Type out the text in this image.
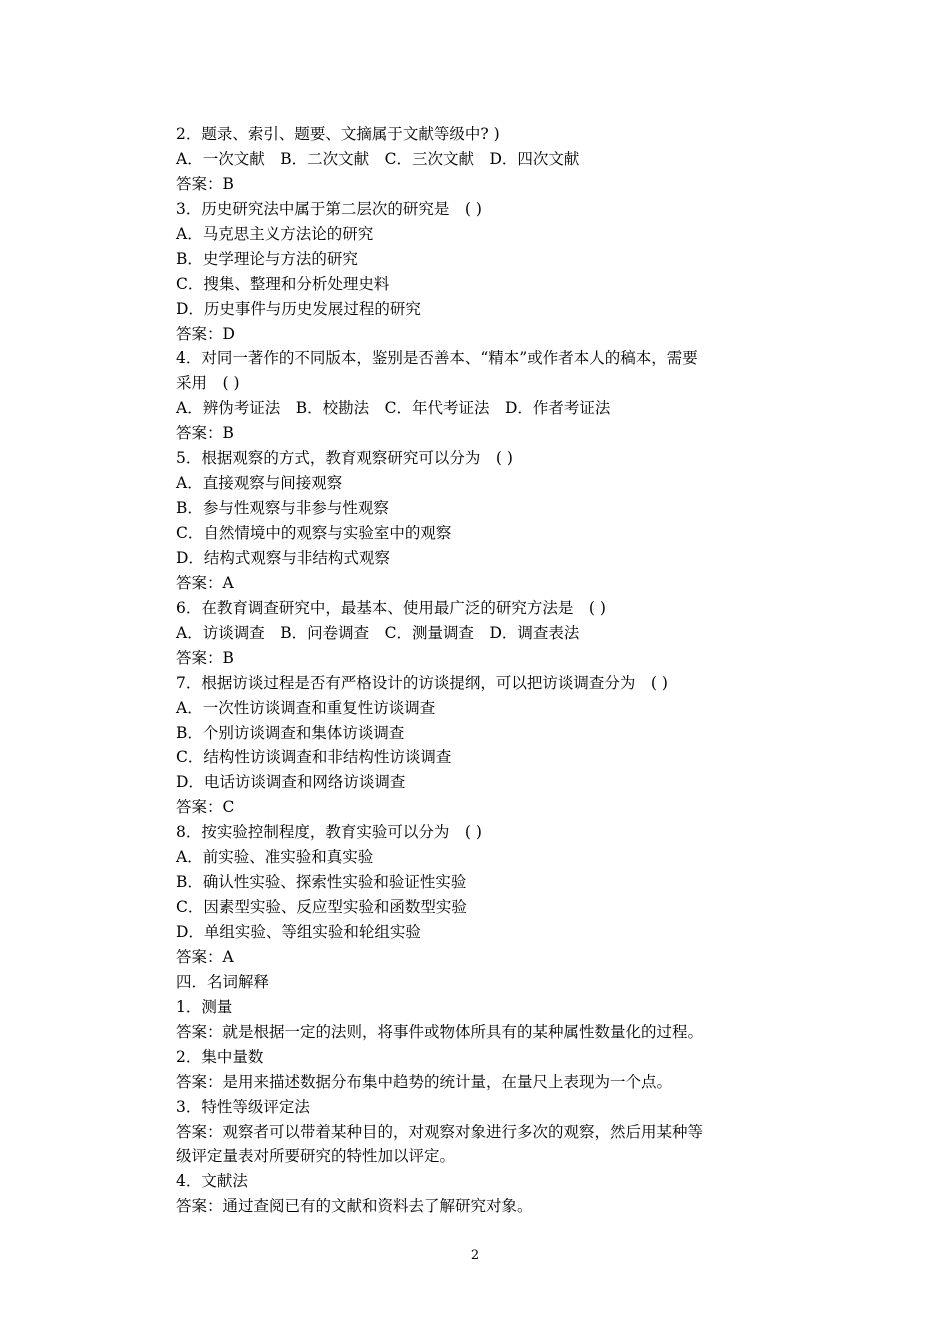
2．题录、索引、题要、文摘属于文献等级中? )
A．一次文献　B．二次文献　C．三次文献　D．四次文献
答案：B
3．历史研究法中属于第二层次的研究是　( )
A．马克思主义方法论的研究
B．史学理论与方法的研究
C．搜集、整理和分析处理史料
D．历史事件与历史发展过程的研究
答案：D
4．对同一著作的不同版本，鉴别是否善本、“精本”或作者本人的稿本，需要
采用　( )
A．辨伪考证法　B．校勘法　C．年代考证法　D．作者考证法
答案：B
5．根据观察的方式，教育观察研究可以分为　( )
A．直接观察与间接观察
B．参与性观察与非参与性观察
C．自然情境中的观察与实验室中的观察
D．结构式观察与非结构式观察
答案：A
6．在教育调查研究中，最基本、使用最广泛的研究方法是　( )
A．访谈调查　B．问卷调查　C．测量调查　D．调查表法
答案：B
7．根据访谈过程是否有严格设计的访谈提纲，可以把访谈调查分为　( )
A．一次性访谈调查和重复性访谈调查
B．个别访谈调查和集体访谈调查
C．结构性访谈调查和非结构性访谈调查
D．电话访谈调查和网络访谈调查
答案：C
8．按实验控制程度，教育实验可以分为　( )
A．前实验、准实验和真实验
B．确认性实验、探索性实验和验证性实验
C．因素型实验、反应型实验和函数型实验
D．单组实验、等组实验和轮组实验
答案：A
四．名词解释
1．测量
答案：就是根据一定的法则，将事件或物体所具有的某种属性数量化的过程。
2．集中量数
答案：是用来描述数据分布集中趋势的统计量，在量尺上表现为一个点。
3．特性等级评定法
答案：观察者可以带着某种目的，对观察对象进行多次的观察，然后用某种等
级评定量表对所要研究的特性加以评定。
4．文献法
答案：通过查阅已有的文献和资料去了解研究对象。
2
